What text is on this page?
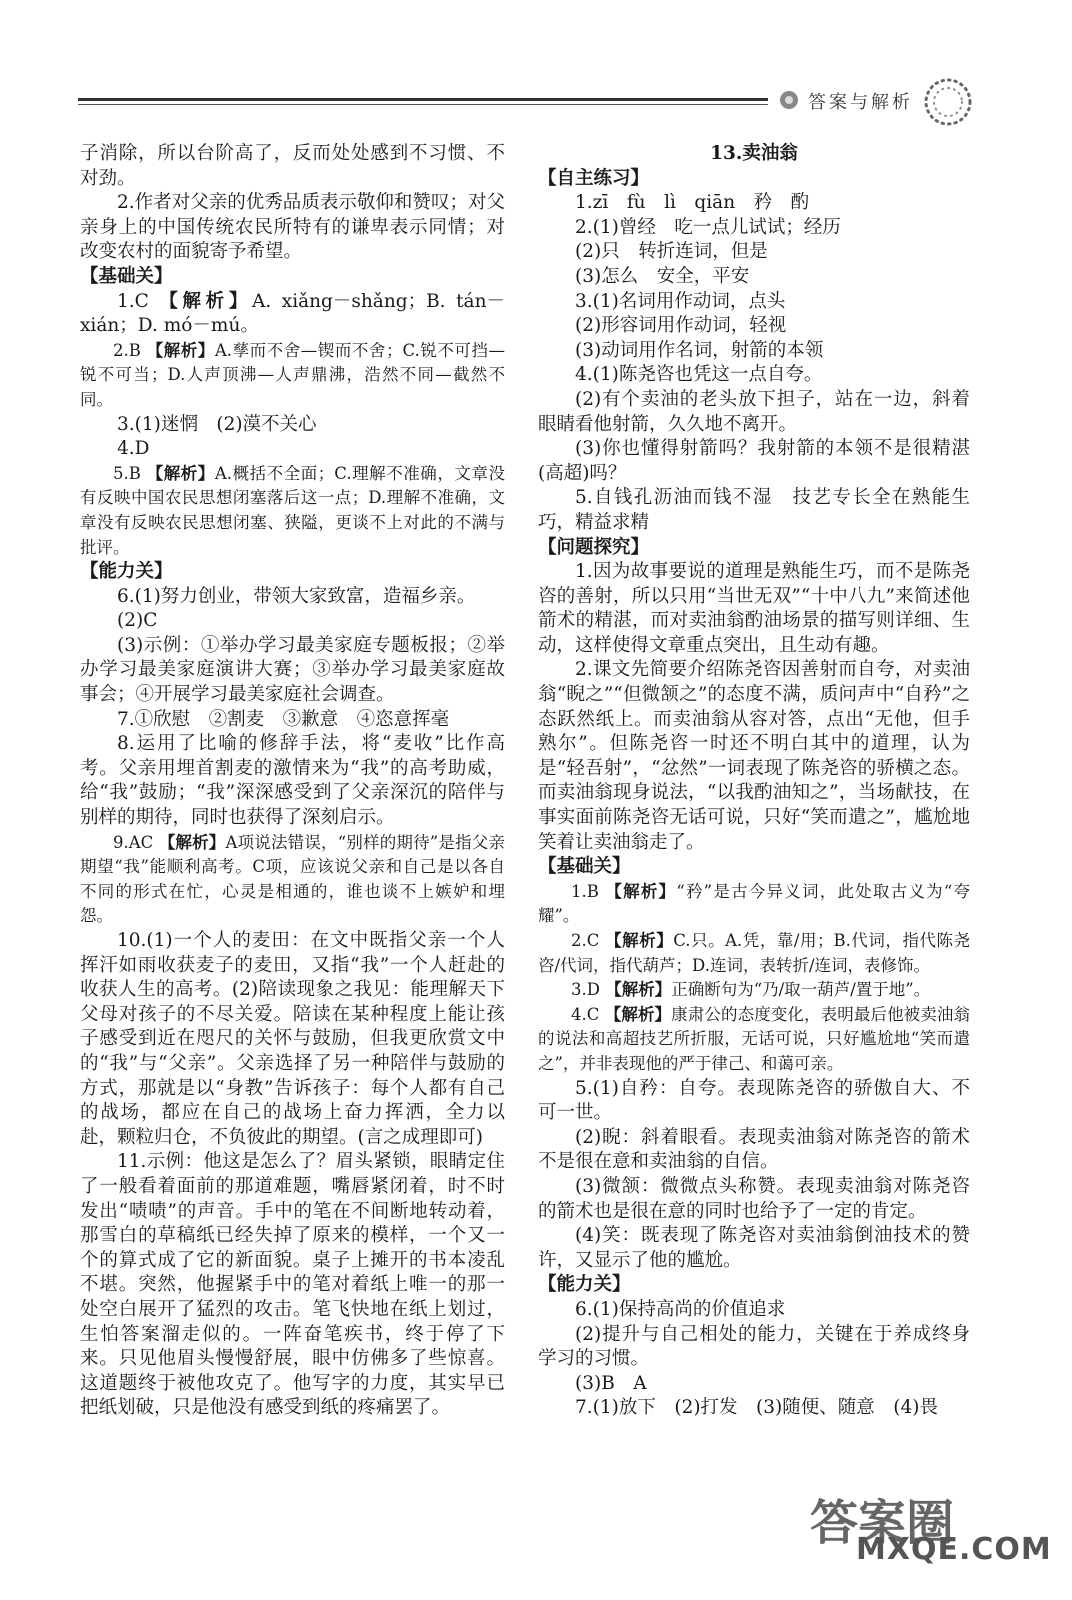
答案与解析

子消除，所以台阶高了，反而处处感到不习惯、不对劲。

2.作者对父亲的优秀品质表示敬仰和赞叹；对父亲身上的中国传统农民所特有的谦卑表示同情；对改变农村的面貌寄予希望。

【 基础关 】

1.C 【解析】A. xiǎng－shǎng；B. tán－xián；D. mó－mú。

2.B 【解析】A.孳而不舍—锲而不舍；C.锐不可挡—锐不可当；D.人声顶沸—人声鼎沸，浩然不同—截然不同。

3.(1)迷惘　(2)漠不关心

4.D

5.B 【解析】A.概括不全面；C.理解不准确，文章没有反映中国农民思想闭塞落后这一点；D.理解不准确，文章没有反映农民思想闭塞、狭隘，更谈不上对此的不满与批评。

【 能力关 】

6.(1)努力创业，带领大家致富，造福乡亲。

(2)C

(3)示例：①举办学习最美家庭专题板报；②举办学习最美家庭演讲大赛；③举办学习最美家庭故事会；④开展学习最美家庭社会调查。

7.①欣慰　②割麦　③歉意　④恣意挥毫

8.运用了比喻的修辞手法，将“麦收”比作高考。父亲用埋首割麦的激情来为“我”的高考助威，给“我”鼓励；“我”深深感受到了父亲深沉的陪伴与别样的期待，同时也获得了深刻启示。

9.AC 【解析】A项说法错误，“别样的期待”是指父亲期望“我”能顺利高考。C项，应该说父亲和自己是以各自不同的形式在忙，心灵是相通的，谁也谈不上嫉妒和埋怨。

10.(1)一个人的麦田：在文中既指父亲一个人挥汗如雨收获麦子的麦田，又指“我”一个人赶赴的收获人生的高考。(2)陪读现象之我见：能理解天下父母对孩子的不尽关爱。陪读在某种程度上能让孩子感受到近在咫尺的关怀与鼓励，但我更欣赏文中的“我”与“父亲”。父亲选择了另一种陪伴与鼓励的方式，那就是以“身教”告诉孩子：每个人都有自己的战场，都应在自己的战场上奋力挥洒，全力以赴，颗粒归仓，不负彼此的期望。(言之成理即可)

11.示例：他这是怎么了？眉头紧锁，眼睛定住了一般看着面前的那道难题，嘴唇紧闭着，时不时发出“啧啧”的声音。手中的笔在不间断地转动着，那雪白的草稿纸已经失掉了原来的模样，一个又一个的算式成了它的新面貌。桌子上摊开的书本凌乱不堪。突然，他握紧手中的笔对着纸上唯一的那一处空白展开了猛烈的攻击。笔飞快地在纸上划过，生怕答案溜走似的。一阵奋笔疾书，终于停了下来。只见他眉头慢慢舒展，眼中仿佛多了些惊喜。这道题终于被他攻克了。他写字的力度，其实早已把纸划破，只是他没有感受到纸的疼痛罢了。

13.卖油翁

【 自主练习 】

1.zī　fù　lì　qiān　矜　酌

2.(1)曾经　吃一点儿试试；经历

(2)只　转折连词，但是

(3)怎么　安全，平安

3.(1)名词用作动词，点头

(2)形容词用作动词，轻视

(3)动词用作名词，射箭的本领

4.(1)陈尧咨也凭这一点自夸。

(2)有个卖油的老头放下担子，站在一边，斜着眼睛看他射箭，久久地不离开。

(3)你也懂得射箭吗？我射箭的本领不是很精湛(高超)吗？

5.自钱孔沥油而钱不湿　技艺专长全在熟能生巧，精益求精

【 问题探究 】

1.因为故事要说的道理是熟能生巧，而不是陈尧咨的善射，所以只用“当世无双”“十中八九”来简述他箭术的精湛，而对卖油翁酌油场景的描写则详细、生动，这样使得文章重点突出，且生动有趣。

2.课文先简要介绍陈尧咨因善射而自夸，对卖油翁“睨之”“但微颔之”的态度不满，质问声中“自矜”之态跃然纸上。而卖油翁从容对答，点出“无他，但手熟尔”。但陈尧咨一时还不明白其中的道理，认为是“轻吾射”，“忿然”一词表现了陈尧咨的骄横之态。而卖油翁现身说法，“以我酌油知之”，当场献技，在事实面前陈尧咨无话可说，只好“笑而遣之”，尴尬地笑着让卖油翁走了。

【 基础关 】

1.B 【解析】“矜”是古今异义词，此处取古义为“夸耀”。

2.C 【解析】C.只。A.凭，靠/用；B.代词，指代陈尧咨/代词，指代葫芦；D.连词，表转折/连词，表修饰。

3.D 【解析】正确断句为“乃/取一葫芦/置于地”。

4.C 【解析】康肃公的态度变化，表明最后他被卖油翁的说法和高超技艺所折服，无话可说，只好尴尬地“笑而遣之”，并非表现他的严于律己、和蔼可亲。

5.(1)自矜：自夸。表现陈尧咨的骄傲自大、不可一世。

(2)睨：斜着眼看。表现卖油翁对陈尧咨的箭术不是很在意和卖油翁的自信。

(3)微颔：微微点头称赞。表现卖油翁对陈尧咨的箭术也是很在意的同时也给予了一定的肯定。

(4)笑：既表现了陈尧咨对卖油翁倒油技术的赞许，又显示了他的尴尬。

【 能力关 】

6.(1)保持高尚的价值追求

(2)提升与自己相处的能力，关键在于养成终身学习的习惯。

(3)B　A

7.(1)放下　(2)打发　(3)随便、随意　(4)畏

答案圈
MXQE.COM
